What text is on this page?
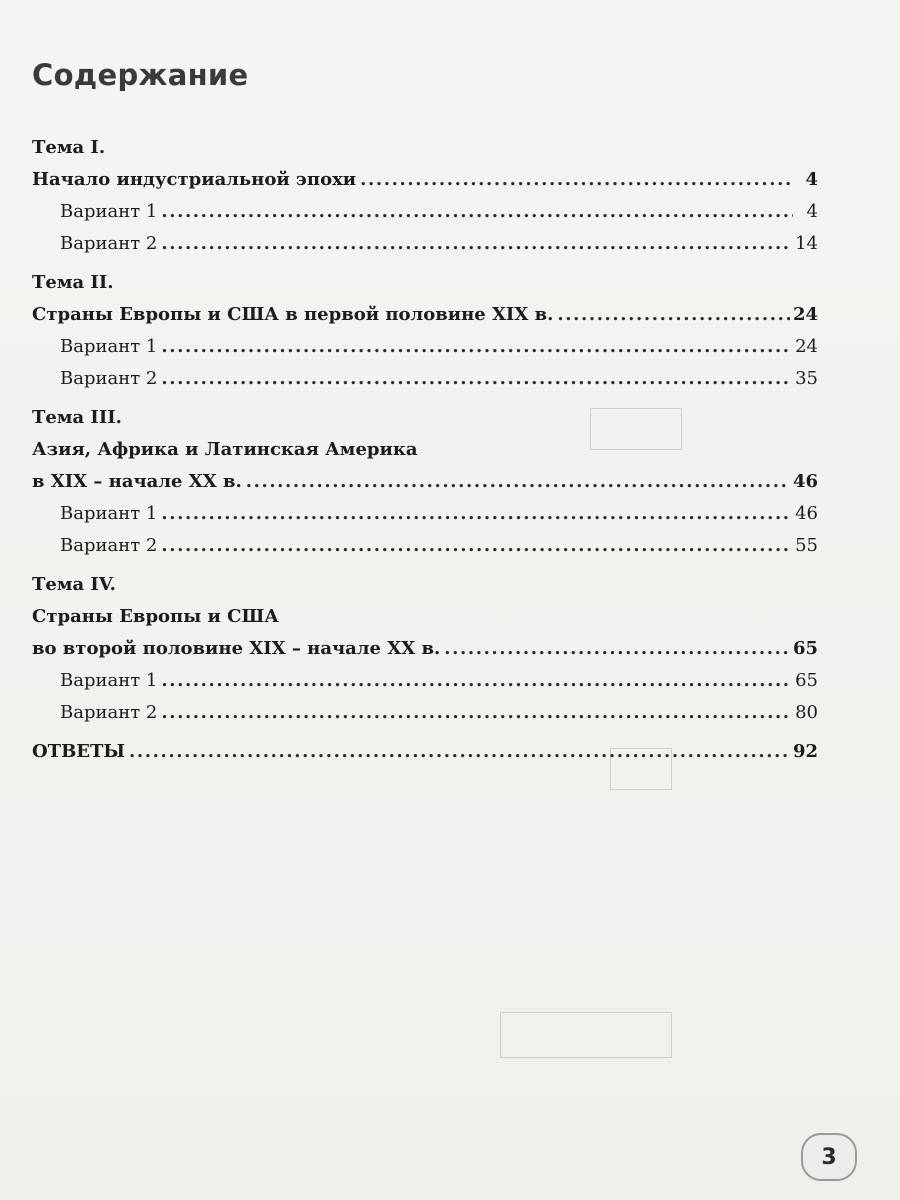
Содержание
Тема I.
Начало индустриальной эпохи .....	4
Вариант 1 .....	4
Вариант 2 .....	14
Тема II.
Страны Европы и США в первой половине XIX в. .....	24
Вариант 1 .....	24
Вариант 2 .....	35
Тема III.
Азия, Африка и Латинская Америка
в XIX – начале XX в. .....	46
Вариант 1 .....	46
Вариант 2 .....	55
Тема IV.
Страны Европы и США
во второй половине XIX – начале XX в. .....	65
Вариант 1 .....	65
Вариант 2 .....	80
ОТВЕТЫ .....	92
3
